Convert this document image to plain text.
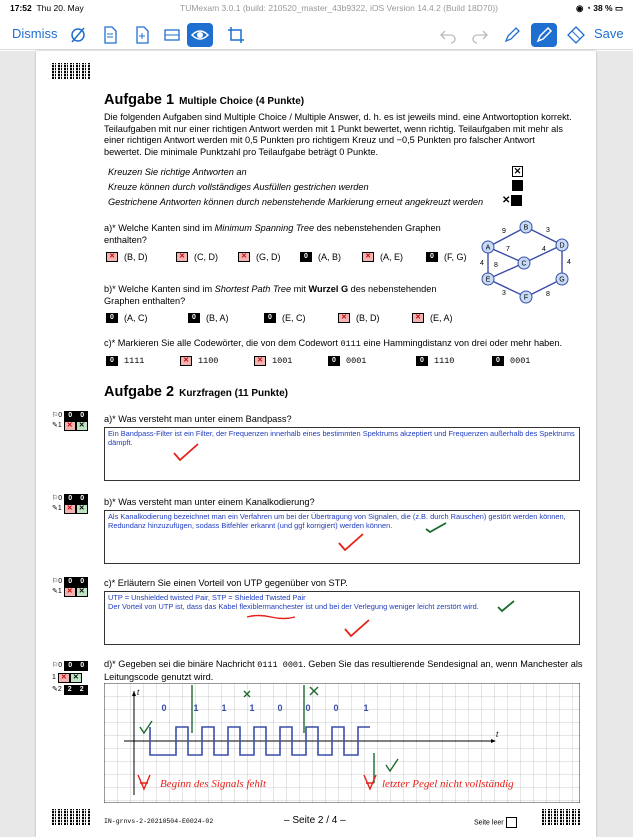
17:52 Thu 20. May	TUMexam 3.0.1 (build: 210520_master_43b9322, iOS Version 14.4.2 (Build 18D70))	◉ ◔ 38 % ▭
Dismiss	Save
Aufgabe 1 Multiple Choice (4 Punkte)
Die folgenden Aufgaben sind Multiple Choice / Multiple Answer, d. h. es ist jeweils mind. eine Antwortoption korrekt. Teilaufgaben mit nur einer richtigen Antwort werden mit 1 Punkt bewertet, wenn richtig. Teilaufgaben mit mehr als einer richtigen Antwort werden mit 0,5 Punkten pro richtigem Kreuz und −0,5 Punkten pro falscher Antwort bewertet. Die minimale Punktzahl pro Teilaufgabe beträgt 0 Punkte.
Kreuzen Sie richtige Antworten an
Kreuze können durch vollständiges Ausfüllen gestrichen werden
Gestrichene Antworten können durch nebenstehende Markierung erneut angekreuzt werden
✕
✕
a)* Welche Kanten sind im Minimum Spanning Tree des nebenstehenden Graphen enthalten?
✕	(B, D)	✕	(C, D)	✕	(G, D)	0	(A, B)	✕	(A, E)	0	(F, G)
A
B
C
D
E
F
G
9	3
7	4
4
8
3	8
4
b)* Welche Kanten sind im Shortest Path Tree mit Wurzel G des nebenstehenden Graphen enthalten?
0	(A, C)	0	(B, A)	0	(E, C)	✕	(B, D)	✕	(E, A)
c)* Markieren Sie alle Codewörter, die von dem Codewort 0111 eine Hammingdistanz von drei oder mehr haben.
0	1111	✕	1100	✕	1001	0	0001	0	1110	0	0001
Aufgabe 2 Kurzfragen (11 Punkte)
⚐0 0 0
✎1 ✕ ✕
⚐0 0 0
✎1 ✕ ✕
⚐0 0 0
✎1 ✕ ✕
⚐0 0 0
1 ✕ ✕
✎2 2 2
a)* Was versteht man unter einem Bandpass?
Ein Bandpass-Filter ist ein Filter, der Frequenzen innerhalb eines bestimmten Spektrums akzeptiert und Frequenzen außerhalb des Spektrums dämpft.
b)* Was versteht man unter einem Kanalkodierung?
Als Kanalkodierung bezeichnet man ein Verfahren um bei der Übertragung von Signalen, die (z.B. durch Rauschen) gestört werden können, Redundanz hinzuzufügen, sodass Bitfehler erkannt (und ggf korrigiert) werden können.
c)* Erläutern Sie einen Vorteil von UTP gegenüber von STP.
UTP = Unshielded twisted Pair, STP = Shielded Twisted Pair
Der Vorteil von UTP ist, dass das Kabel flexiblermanchester ist und bei der Verlegung weniger leicht zerstört wird.
d)* Gegeben sei die binäre Nachricht 0111 0001. Geben Sie das resultierende Sendesignal an, wenn Manchester als Leitungscode genutzt wird.
t
t
0	1	1	1	0	0	0	1
Beginn des Signals fehlt	letzter Pegel nicht vollständig
IN-grnvs-2-20210504-E0024-02	– Seite 2 / 4 –	Seite leer
